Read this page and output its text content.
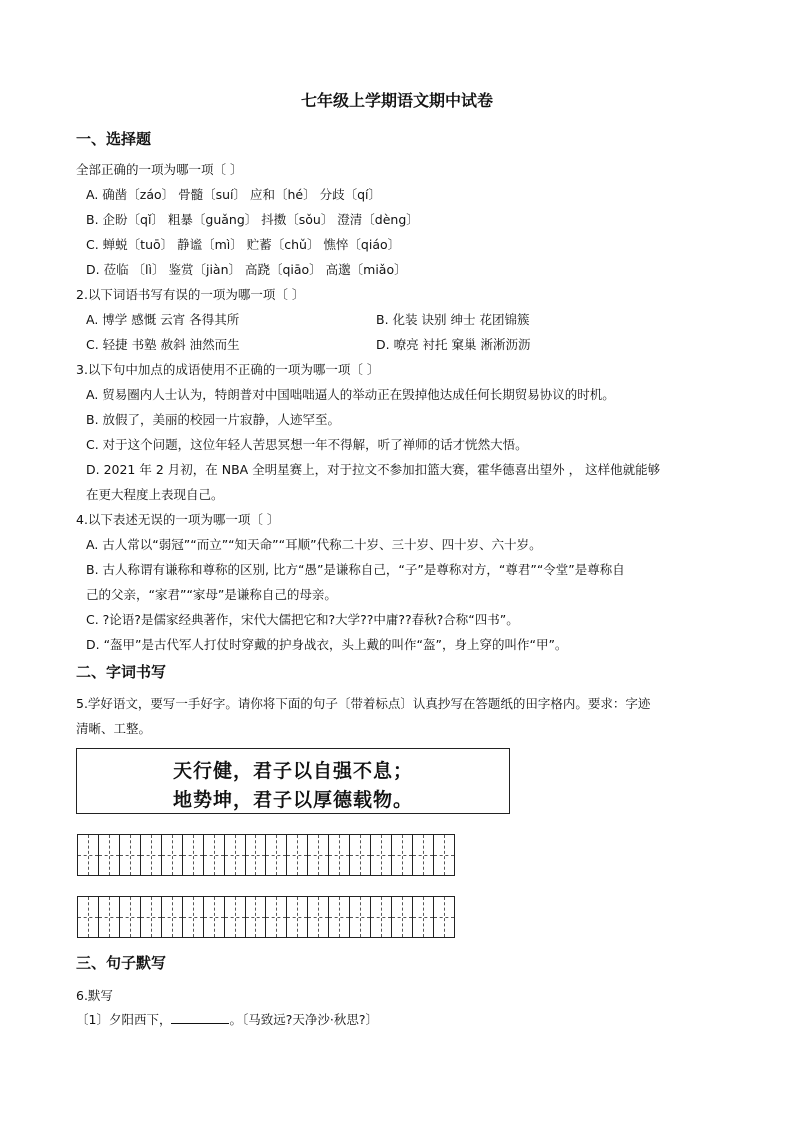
七年级上学期语文期中试卷
一、选择题
全部正确的一项为哪一项〔 〕
A. 确凿〔záo〕 骨髓〔suí〕 应和〔hé〕 分歧〔qí〕
B. 企盼〔qǐ〕 粗暴〔guǎng〕 抖擞〔sǒu〕 澄清〔dèng〕
C. 蝉蜕〔tuō〕 静谧〔mì〕 贮蓄〔chǔ〕 憔悴〔qiáo〕
D. 莅临 〔lì〕 鉴赏〔jiàn〕 高跷〔qiāo〕 高邈〔miǎo〕
2.以下词语书写有误的一项为哪一项〔 〕
A. 博学 感慨 云宵 各得其所	B. 化装 诀别 绅士 花团锦簇
C. 轻捷 书塾 赦斜 油然而生	D. 嘹亮 衬托 窠巢 淅淅沥沥
3.以下句中加点的成语使用不正确的一项为哪一项〔 〕
A. 贸易圈内人士认为，特朗普对中国咄咄逼人的举动正在毁掉他达成任何长期贸易协议的时机。
B. 放假了，美丽的校园一片寂静，人迹罕至。
C. 对于这个问题，这位年轻人苦思冥想一年不得解，听了禅师的话才恍然大悟。
D. 2021 年 2 月初，在 NBA 全明星赛上，对于拉文不参加扣篮大赛，霍华德喜出望外 ， 这样他就能够
在更大程度上表现自己。
4.以下表述无误的一项为哪一项〔 〕
A. 古人常以“弱冠”“而立”“知天命”“耳顺”代称二十岁、三十岁、四十岁、六十岁。
B. 古人称谓有谦称和尊称的区别, 比方“愚”是谦称自己，“子”是尊称对方，“尊君”“令堂”是尊称自
己的父亲，“家君”“家母”是谦称自己的母亲。
C. ?论语?是儒家经典著作，宋代大儒把它和?大学??中庸??春秋?合称“四书”。
D. “盔甲”是古代军人打仗时穿戴的护身战衣，头上戴的叫作“盔”，身上穿的叫作“甲”。
二、字词书写
5.学好语文，要写一手好字。请你将下面的句子〔带着标点〕认真抄写在答题纸的田字格内。要求：字迹
清晰、工整。
天行健，君子以自强不息；
地势坤，君子以厚德载物。
三、句子默写
6.默写
〔1〕夕阳西下，	。〔马致远?天净沙·秋思?〕
